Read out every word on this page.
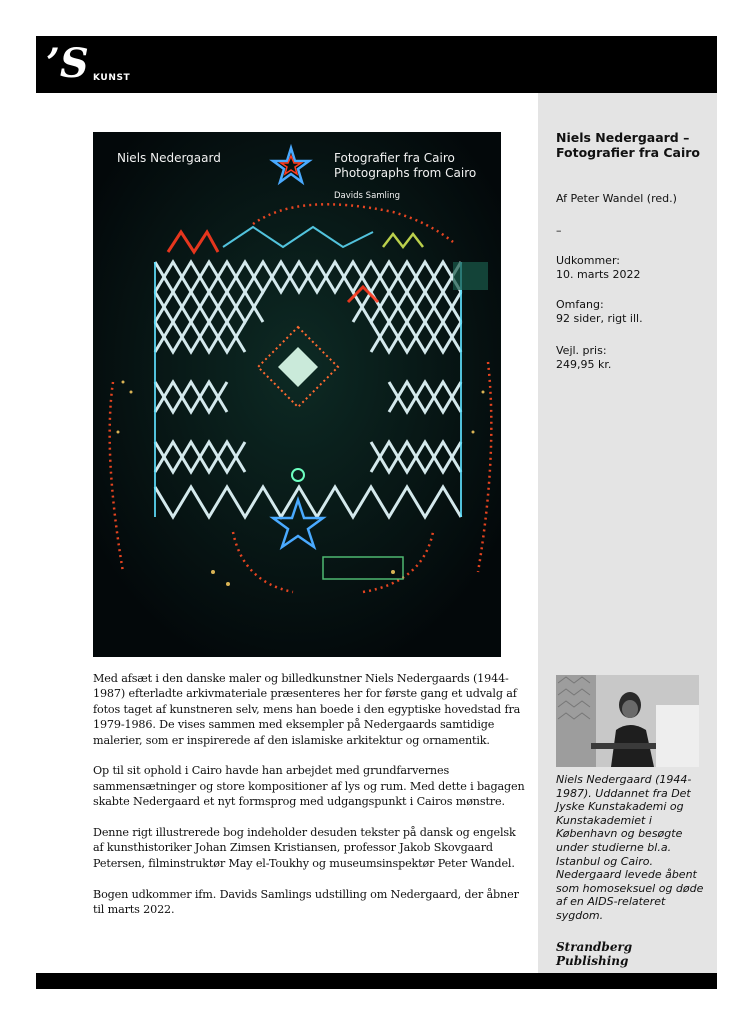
’S KUNST
Niels Nedergaard	Fotografier fra Cairo
Photographs from Cairo
Davids Samling
Niels Nedergaard – Fotografier fra Cairo
Af Peter Wandel (red.)
–
Udkommer:
10. marts 2022
Omfang:
92 sider, rigt ill.
Vejl. pris:
249,95 kr.
Niels Nedergaard (1944-1987). Uddannet fra Det Jyske Kunstakademi og Kunstakademiet i København og besøgte under studierne bl.a. Istanbul og Cairo. Nedergaard levede åbent som homoseksuel og døde af en AIDS-relateret sygdom.
Strandberg Publishing

Med afsæt i den danske maler og billedkunstner Niels Nedergaards (1944-1987) efterladte arkivmateriale præsenteres her for første gang et udvalg af fotos taget af kunstneren selv, mens han boede i den egyptiske hovedstad fra 1979-1986. De vises sammen med eksempler på Nedergaards samtidige malerier, som er inspirerede af den islamiske arkitektur og ornamentik.

Op til sit ophold i Cairo havde han arbejdet med grundfarvernes sammensætninger og store kompositioner af lys og rum. Med dette i bagagen skabte Nedergaard et nyt formsprog med udgangspunkt i Cairos mønstre.

Denne rigt illustrerede bog indeholder desuden tekster på dansk og engelsk af kunsthistoriker Johan Zimsen Kristiansen, professor Jakob Skovgaard Petersen, filminstruktør May el-Toukhy og museumsinspektør Peter Wandel.

Bogen udkommer ifm. Davids Samlings udstilling om Nedergaard, der åbner til marts 2022.
